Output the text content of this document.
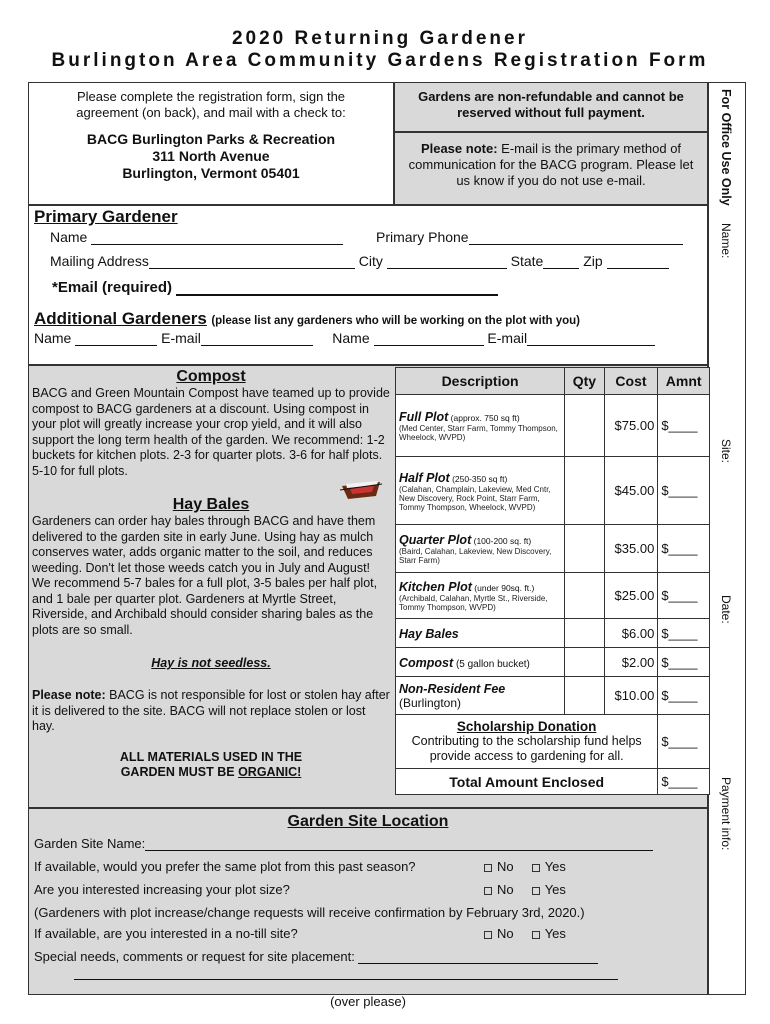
2020 Returning Gardener
Burlington Area Community Gardens Registration Form
Please complete the registration form, sign the agreement (on back), and mail with a check to:
BACG Burlington Parks & Recreation
311 North Avenue
Burlington, Vermont 05401
Gardens are non-refundable and cannot be reserved without full payment.
Please note: E-mail is the primary method of communication for the BACG program. Please let us know if you do not use e-mail.	For Office Use Only
Name:
Site:
Date:
Payment info:
Primary Gardener
Name	Primary Phone
Mailing Address	City	State	Zip
*Email (required)
Additional Gardeners (please list any gardeners who will be working on the plot with you)
Name	E-mail	Name	E-mail
Compost
BACG and Green Mountain Compost have teamed up to provide compost to BACG gardeners at a discount. Using compost in your plot will greatly increase your crop yield, and it will also support the long term health of the garden. We recommend: 1-2 buckets for kitchen plots. 2-3 for quarter plots. 3-6 for half plots. 5-10 for full plots.
Hay Bales
Gardeners can order hay bales through BACG and have them delivered to the garden site in early June. Using hay as mulch conserves water, adds organic matter to the soil, and reduces weeding. Don't let those weeds catch you in July and August! We recommend 5-7 bales for a full plot, 3-5 bales per half plot, and 1 bale per quarter plot. Gardeners at Myrtle Street, Riverside, and Archibald should consider sharing bales as the plots are so small.
Hay is not seedless.
Please note: BACG is not responsible for lost or stolen hay after it is delivered to the site. BACG will not replace stolen or lost hay.
ALL MATERIALS USED IN THE
GARDEN MUST BE ORGANIC!
Description	Qty	Cost	Amnt
Full Plot (approx. 750 sq ft)
(Med Center, Starr Farm, Tommy Thompson, Wheelock, WVPD)		$75.00	$____
Half Plot (250-350 sq ft)
(Calahan, Champlain, Lakeview, Med Cntr, New Discovery, Rock Point, Starr Farm, Tommy Thompson, Wheelock, WVPD)		$45.00	$____
Quarter Plot (100-200 sq. ft)
(Baird, Calahan, Lakeview, New Discovery, Starr Farm)		$35.00	$____
Kitchen Plot (under 90sq. ft.)
(Archibald, Calahan, Myrtle St., Riverside, Tommy Thompson, WVPD)		$25.00	$____
Hay Bales		$6.00	$____
Compost (5 gallon bucket)		$2.00	$____
Non-Resident Fee
(Burlington)		$10.00	$____

Scholarship Donation
Contributing to the scholarship fund helps provide access to gardening for all.			$____
Total Amount Enclosed			$____
Garden Site Location
Garden Site Name:
If available, would you prefer the same plot from this past season?	No Yes
Are you interested increasing your plot size?	No Yes
(Gardeners with plot increase/change requests will receive confirmation by February 3rd, 2020.)
If available, are you interested in a no-till site?	No Yes
Special needs, comments or request for site placement:
(over please)
